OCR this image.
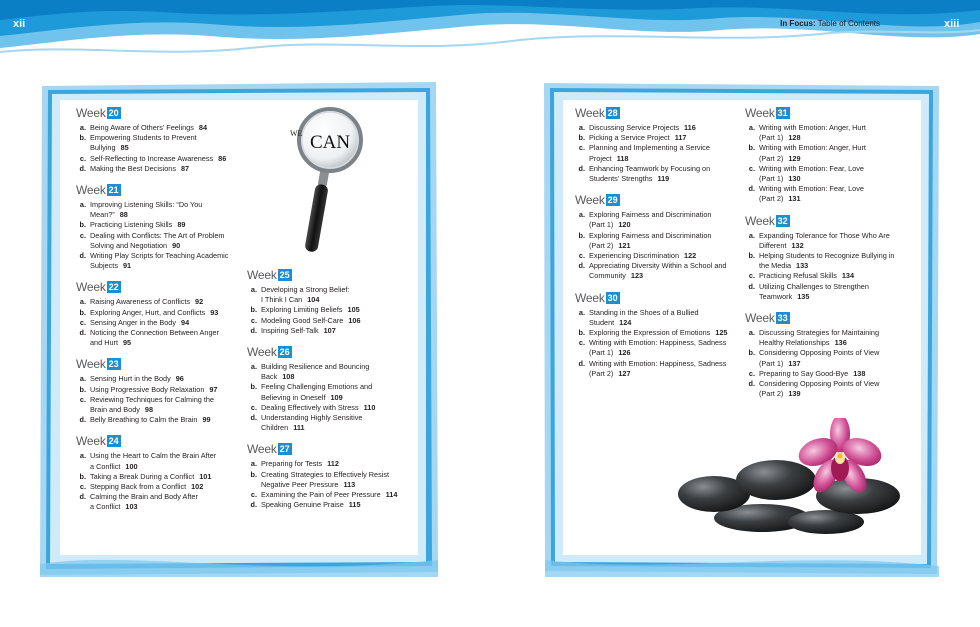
xii	xiii
In Focus: Table of Contents
Week 20
a. Being Aware of Others' Feelings 84
b. Empowering Students to Prevent
Bullying 85
c. Self-Reflecting to Increase Awareness 86
d. Making the Best Decisions 87
Week 21
a. Improving Listening Skills: “Do You
Mean?” 88
b. Practicing Listening Skills 89
c. Dealing with Conflicts: The Art of Problem
Solving and Negotiation 90
d. Writing Play Scripts for Teaching Academic
Subjects 91
Week 22
a. Raising Awareness of Conflicts 92
b. Exploring Anger, Hurt, and Conflicts 93
c. Sensing Anger in the Body 94
d. Noticing the Connection Between Anger
and Hurt 95
Week 23
a. Sensing Hurt in the Body 96
b. Using Progressive Body Relaxation 97
c. Reviewing Techniques for Calming the
Brain and Body 98
d. Belly Breathing to Calm the Brain 99
Week 24
a. Using the Heart to Calm the Brain After
a Conflict 100
b. Taking a Break During a Conflict 101
c. Stepping Back from a Conflict 102
d. Calming the Brain and Body After
a Conflict 103
Week 25
a. Developing a Strong Belief:
I Think I Can 104
b. Exploring Limiting Beliefs 105
c. Modeling Good Self-Care 106
d. Inspiring Self-Talk 107
Week 26
a. Building Resilience and Bouncing
Back 108
b. Feeling Challenging Emotions and
Believing in Oneself 109
c. Dealing Effectively with Stress 110
d. Understanding Highly Sensitive
Children 111
Week 27
a. Preparing for Tests 112
b. Creating Strategies to Effectively Resist
Negative Peer Pressure 113
c. Examining the Pain of Peer Pressure 114
d. Speaking Genuine Praise 115
Week 28
a. Discussing Service Projects 116
b. Picking a Service Project 117
c. Planning and Implementing a Service
Project 118
d. Enhancing Teamwork by Focusing on
Students' Strengths 119
Week 29
a. Exploring Fairness and Discrimination
(Part 1) 120
b. Exploring Fairness and Discrimination
(Part 2) 121
c. Experiencing Discrimination 122
d. Appreciating Diversity Within a School and
Community 123
Week 30
a. Standing in the Shoes of a Bullied
Student 124
b. Exploring the Expression of Emotions 125
c. Writing with Emotion: Happiness, Sadness
(Part 1) 126
d. Writing with Emotion: Happiness, Sadness
(Part 2) 127
Week 31
a. Writing with Emotion: Anger, Hurt
(Part 1) 128
b. Writing with Emotion: Anger, Hurt
(Part 2) 129
c. Writing with Emotion: Fear, Love
(Part 1) 130
d. Writing with Emotion: Fear, Love
(Part 2) 131
Week 32
a. Expanding Tolerance for Those Who Are
Different 132
b. Helping Students to Recognize Bullying in
the Media 133
c. Practicing Refusal Skills 134
d. Utilizing Challenges to Strengthen
Teamwork 135
Week 33
a. Discussing Strategies for Maintaining
Healthy Relationships 136
b. Considering Opposing Points of View
(Part 1) 137
c. Preparing to Say Good-Bye 138
d. Considering Opposing Points of View
(Part 2) 139
WE CAN
